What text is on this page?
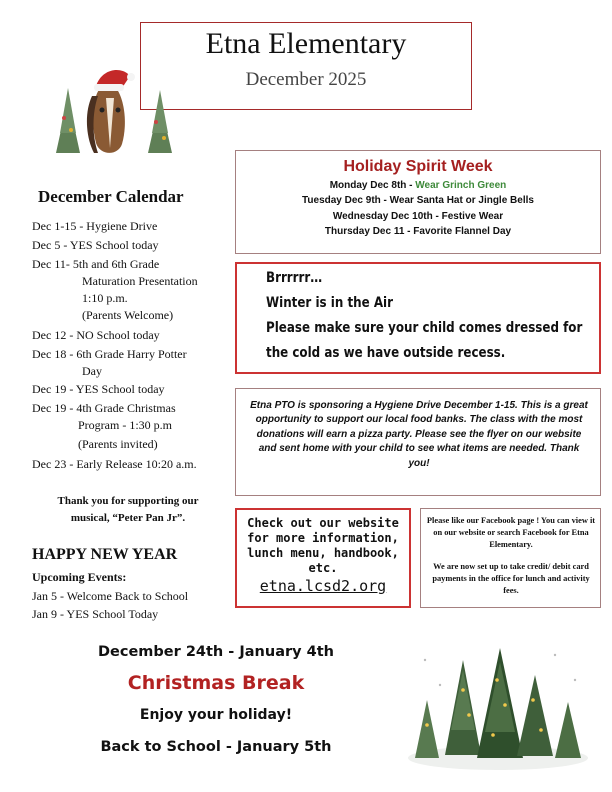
Etna Elementary
December 2025
December Calendar
Dec 1-15 - Hygiene Drive
Dec 5 - YES School today
Dec 11- 5th and 6th Grade
Maturation Presentation
1:10 p.m.
(Parents Welcome)
Dec 12 - NO School today
Dec 18 - 6th Grade Harry Potter
Day
Dec 19 - YES School today
Dec 19 - 4th Grade Christmas
Program - 1:30 p.m
(Parents invited)
Dec 23 - Early Release 10:20 a.m.
Holiday Spirit Week
Monday Dec 8th - Wear Grinch Green
Tuesday Dec 9th - Wear Santa Hat or Jingle Bells
Wednesday Dec 10th - Festive Wear
Thursday Dec 11 - Favorite Flannel Day
Brrrrrr…
Winter is in the Air
Please make sure your child comes dressed for
the cold as we have outside recess.
Etna PTO is sponsoring a Hygiene Drive December 1-15. This is a great opportunity to support our local food banks. The class with the most donations will earn a pizza party. Please see the flyer on our website and sent home with your child to see what items are needed. Thank you!
Check out our website for more information, lunch menu, handbook, etc.
etna.lcsd2.org
Please like our Facebook page ! You can view it on our website or search Facebook for Etna Elementary.
We are now set up to take credit/ debit card payments in the office for lunch and activity fees.
Thank you for supporting our musical, “Peter Pan Jr”.
HAPPY NEW YEAR
Upcoming Events:
Jan 5 - Welcome Back to School
Jan 9 - YES School Today
December 24th - January 4th
Christmas Break
Enjoy your holiday!
Back to School - January 5th
